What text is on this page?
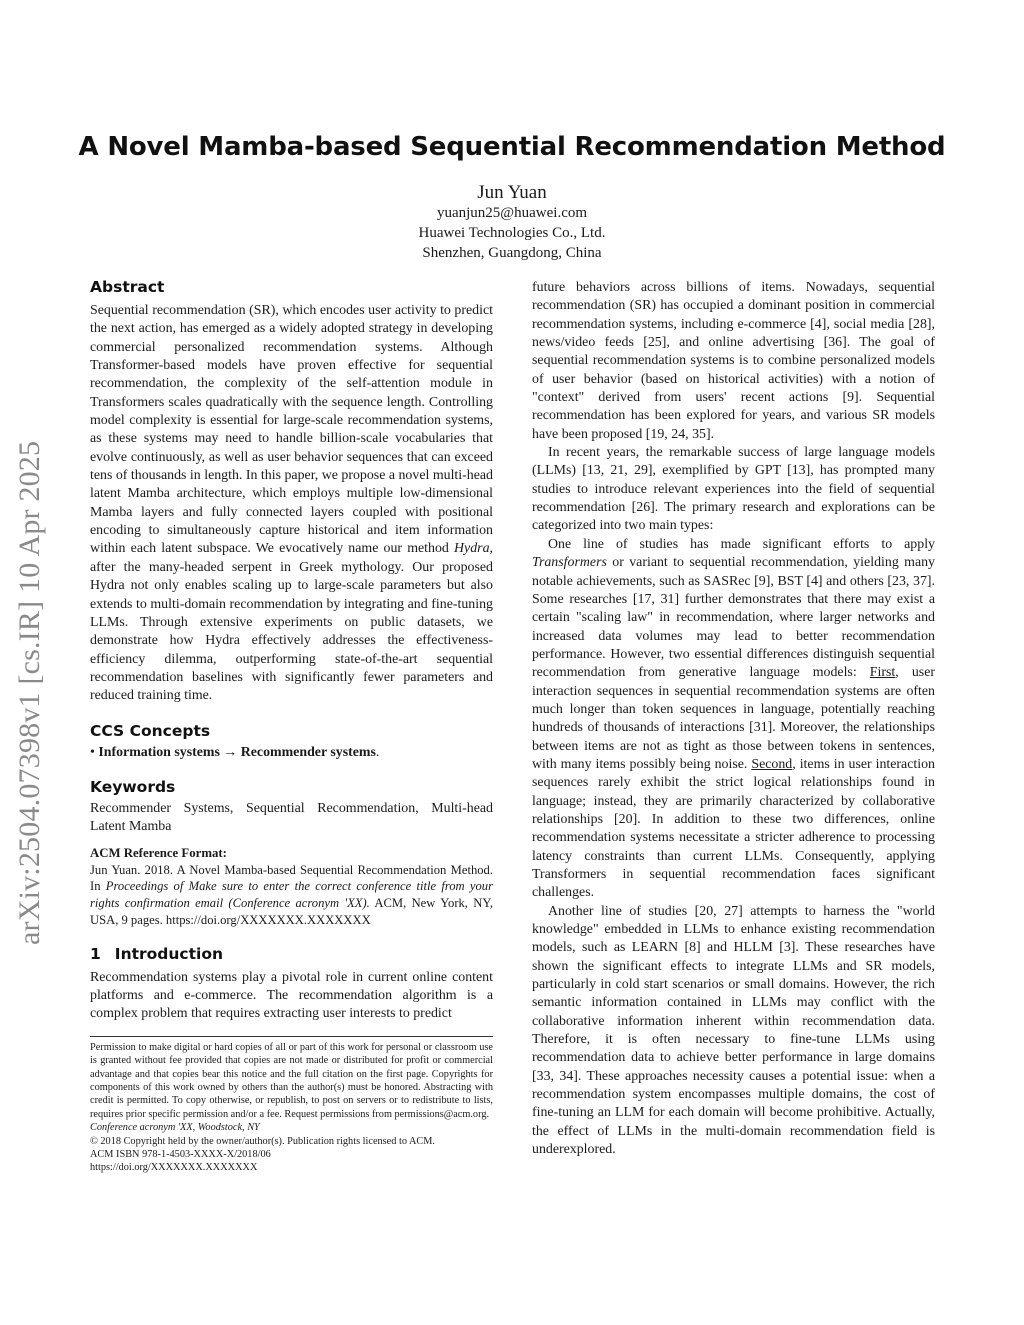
arXiv:2504.07398v1 [cs.IR] 10 Apr 2025
A Novel Mamba-based Sequential Recommendation Method
Jun Yuan
yuanjun25@huawei.com
Huawei Technologies Co., Ltd.
Shenzhen, Guangdong, China
Abstract

Sequential recommendation (SR), which encodes user activity to predict the next action, has emerged as a widely adopted strategy in developing commercial personalized recommendation systems. Although Transformer-based models have proven effective for sequential recommendation, the complexity of the self-attention module in Transformers scales quadratically with the sequence length. Controlling model complexity is essential for large-scale recommendation systems, as these systems may need to handle billion-scale vocabularies that evolve continuously, as well as user behavior sequences that can exceed tens of thousands in length. In this paper, we propose a novel multi-head latent Mamba architecture, which employs multiple low-dimensional Mamba layers and fully connected layers coupled with positional encoding to simultaneously capture historical and item information within each latent subspace. We evocatively name our method Hydra, after the many-headed serpent in Greek mythology. Our proposed Hydra not only enables scaling up to large-scale parameters but also extends to multi-domain recommendation by integrating and fine-tuning LLMs. Through extensive experiments on public datasets, we demonstrate how Hydra effectively addresses the effectiveness-efficiency dilemma, outperforming state-of-the-art sequential recommendation baselines with significantly fewer parameters and reduced training time.

CCS Concepts

• Information systems → Recommender systems.

Keywords

Recommender Systems, Sequential Recommendation, Multi-head Latent Mamba

ACM Reference Format:

Jun Yuan. 2018. A Novel Mamba-based Sequential Recommendation Method. In Proceedings of Make sure to enter the correct conference title from your rights confirmation email (Conference acronym 'XX). ACM, New York, NY, USA, 9 pages. https://doi.org/XXXXXXX.XXXXXXX

1 Introduction

Recommendation systems play a pivotal role in current online content platforms and e-commerce. The recommendation algorithm is a complex problem that requires extracting user interests to predict

Permission to make digital or hard copies of all or part of this work for personal or classroom use is granted without fee provided that copies are not made or distributed for profit or commercial advantage and that copies bear this notice and the full citation on the first page. Copyrights for components of this work owned by others than the author(s) must be honored. Abstracting with credit is permitted. To copy otherwise, or republish, to post on servers or to redistribute to lists, requires prior specific permission and/or a fee. Request permissions from permissions@acm.org.
Conference acronym 'XX, Woodstock, NY
© 2018 Copyright held by the owner/author(s). Publication rights licensed to ACM.
ACM ISBN 978-1-4503-XXXX-X/2018/06
https://doi.org/XXXXXXX.XXXXXXX

future behaviors across billions of items. Nowadays, sequential recommendation (SR) has occupied a dominant position in commercial recommendation systems, including e-commerce [4], social media [28], news/video feeds [25], and online advertising [36]. The goal of sequential recommendation systems is to combine personalized models of user behavior (based on historical activities) with a notion of "context" derived from users' recent actions [9]. Sequential recommendation has been explored for years, and various SR models have been proposed [19, 24, 35].

In recent years, the remarkable success of large language models (LLMs) [13, 21, 29], exemplified by GPT [13], has prompted many studies to introduce relevant experiences into the field of sequential recommendation [26]. The primary research and explorations can be categorized into two main types:

One line of studies has made significant efforts to apply Transformers or variant to sequential recommendation, yielding many notable achievements, such as SASRec [9], BST [4] and others [23, 37]. Some researches [17, 31] further demonstrates that there may exist a certain "scaling law" in recommendation, where larger networks and increased data volumes may lead to better recommendation performance. However, two essential differences distinguish sequential recommendation from generative language models: First, user interaction sequences in sequential recommendation systems are often much longer than token sequences in language, potentially reaching hundreds of thousands of interactions [31]. Moreover, the relationships between items are not as tight as those between tokens in sentences, with many items possibly being noise. Second, items in user interaction sequences rarely exhibit the strict logical relationships found in language; instead, they are primarily characterized by collaborative relationships [20]. In addition to these two differences, online recommendation systems necessitate a stricter adherence to processing latency constraints than current LLMs. Consequently, applying Transformers in sequential recommendation faces significant challenges.

Another line of studies [20, 27] attempts to harness the "world knowledge" embedded in LLMs to enhance existing recommendation models, such as LEARN [8] and HLLM [3]. These researches have shown the significant effects to integrate LLMs and SR models, particularly in cold start scenarios or small domains. However, the rich semantic information contained in LLMs may conflict with the collaborative information inherent within recommendation data. Therefore, it is often necessary to fine-tune LLMs using recommendation data to achieve better performance in large domains [33, 34]. These approaches necessity causes a potential issue: when a recommendation system encompasses multiple domains, the cost of fine-tuning an LLM for each domain will become prohibitive. Actually, the effect of LLMs in the multi-domain recommendation field is underexplored.
